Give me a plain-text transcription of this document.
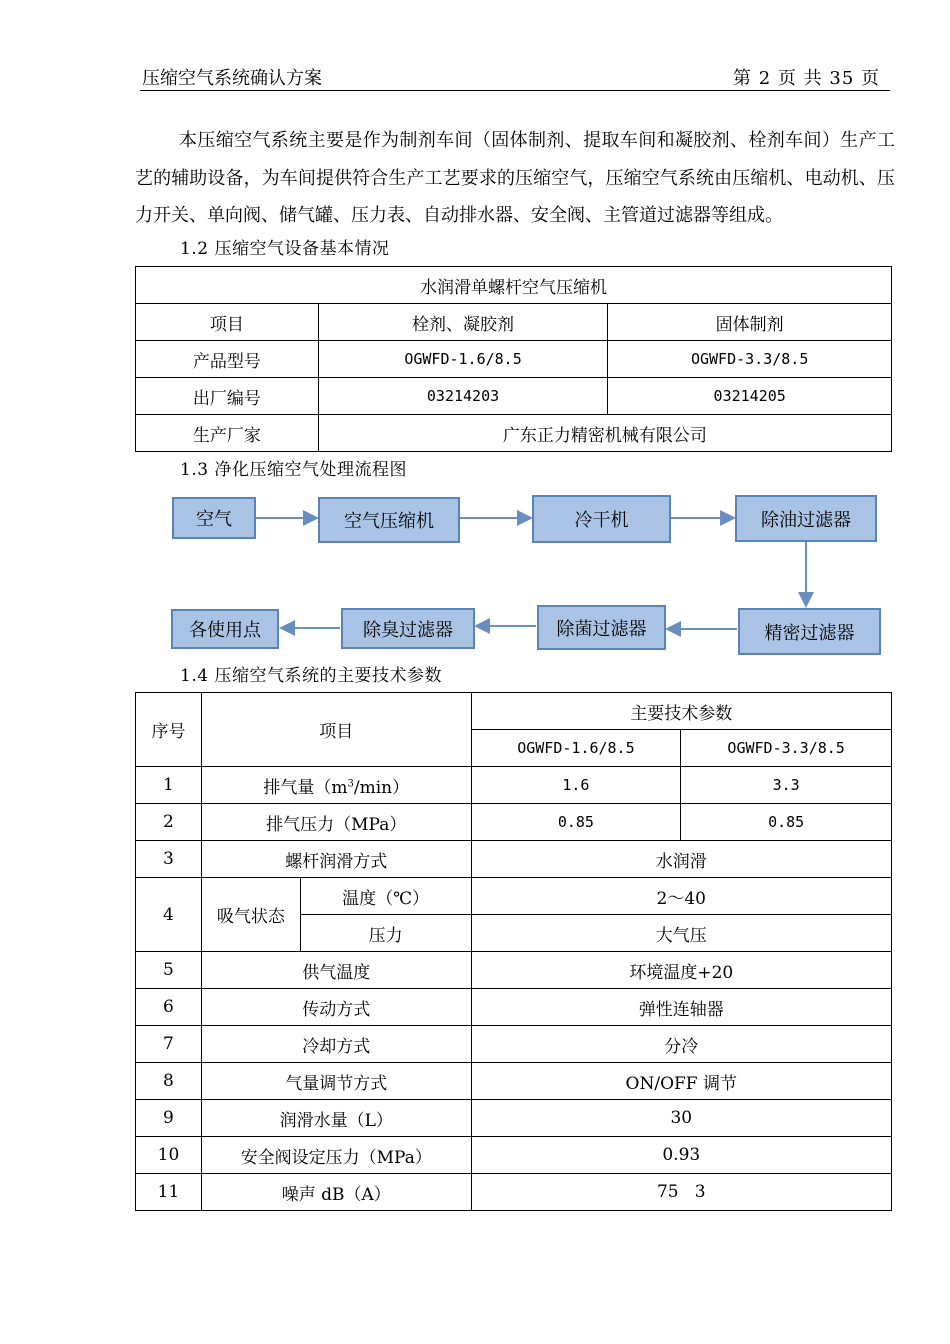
压缩空气系统确认方案	第 2 页 共 35 页

本压缩空气系统主要是作为制剂车间（固体制剂、提取车间和凝胶剂、栓剂车间）生产工艺的辅助设备，为车间提供符合生产工艺要求的压缩空气，压缩空气系统由压缩机、电动机、压力开关、单向阀、储气罐、压力表、自动排水器、安全阀、主管道过滤器等组成。

1.2 压缩空气设备基本情况
水润滑单螺杆空气压缩机		
项目	栓剂、凝胶剂	固体制剂
产品型号	OGWFD-1.6/8.5	OGWFD-3.3/8.5
出厂编号	03214203	03214205
生产厂家	广东正力精密机械有限公司	
1.3 净化压缩空气处理流程图
空气	空气压缩机	冷干机	除油过滤器
精密过滤器
除菌过滤器
除臭过滤器
各使用点
1.4 压缩空气系统的主要技术参数
序号	项目		主要技术参数	
			OGWFD-1.6/8.5	OGWFD-3.3/8.5
1	排气量$(m^3/\min)$		1.6	3.3
2	排气压力（MPa）		0.85	0.85
3	螺杆润滑方式		水润滑	
4	吸气状态	温度（℃）	2～40	
		压力	大气压	
5	供气温度		环境温度+20	
6	传动方式		弹性连轴器	
7	冷却方式		分冷	
8	气量调节方式		ON/OFF 调节	
9	润滑水量（L）		30	
10	安全阀设定压力（MPa）		0.93	
11	噪声 dB（A）		75   3	
